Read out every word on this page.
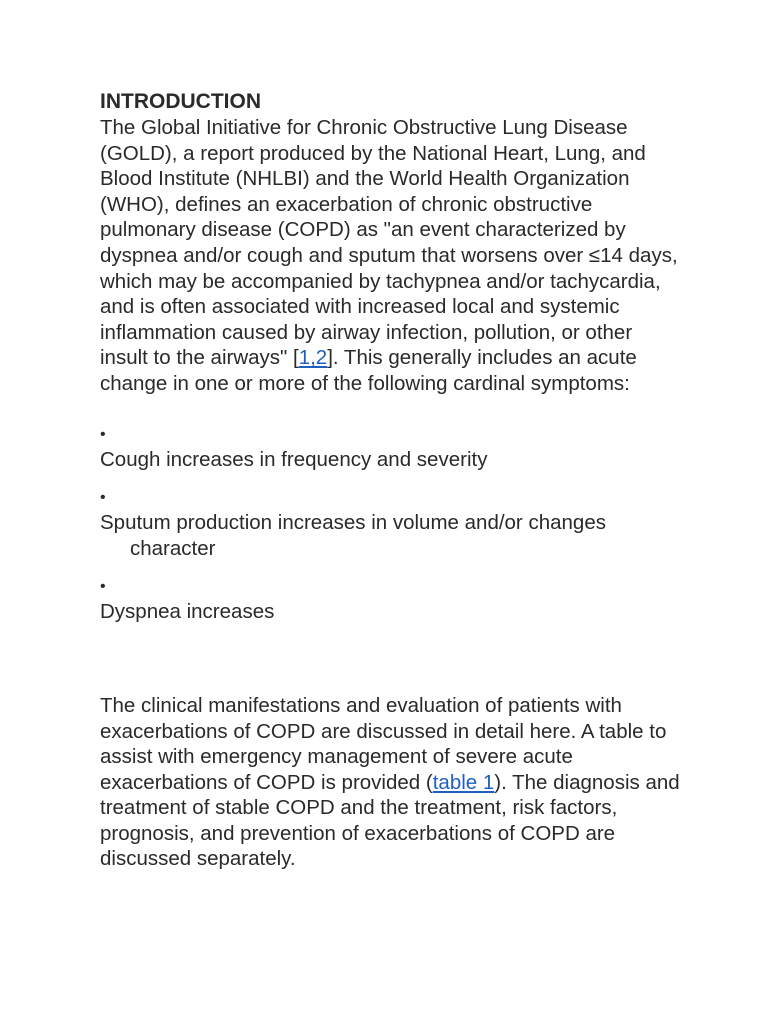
INTRODUCTION

The Global Initiative for Chronic Obstructive Lung Disease (GOLD), a report produced by the National Heart, Lung, and Blood Institute (NHLBI) and the World Health Organization (WHO), defines an exacerbation of chronic obstructive pulmonary disease (COPD) as "an event characterized by dyspnea and/or cough and sputum that worsens over ≤14 days, which may be accompanied by tachypnea and/or tachycardia, and is often associated with increased local and systemic inflammation caused by airway infection, pollution, or other insult to the airways" [1,2]. This generally includes an acute change in one or more of the following cardinal symptoms:

•
Cough increases in frequency and severity
•
Sputum production increases in volume and/or changes character
•
Dyspnea increases

The clinical manifestations and evaluation of patients with exacerbations of COPD are discussed in detail here. A table to assist with emergency management of severe acute exacerbations of COPD is provided (table 1). The diagnosis and treatment of stable COPD and the treatment, risk factors, prognosis, and prevention of exacerbations of COPD are discussed separately.
